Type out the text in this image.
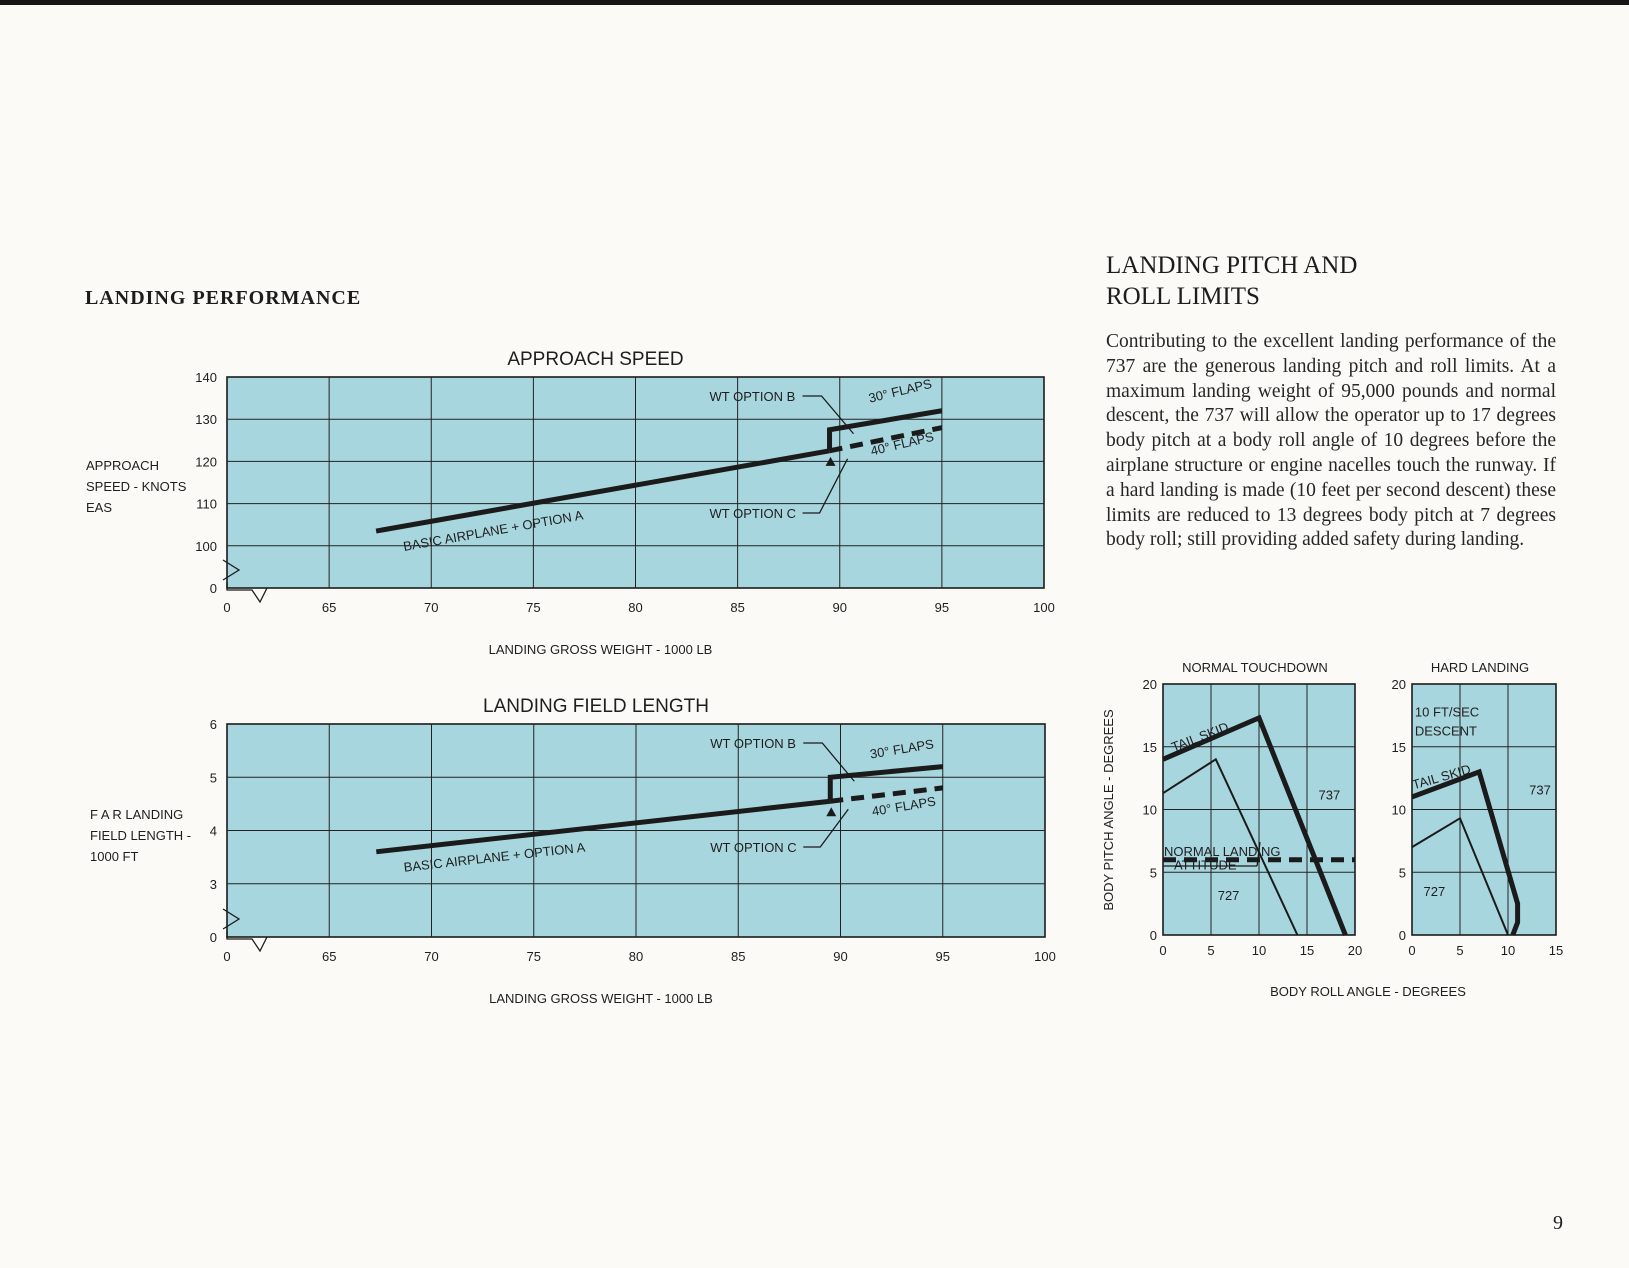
LANDING PERFORMANCE
APPROACH SPEED
0
100
110
120
130
140
0	65	70	75	80	85	90	95	100
LANDING GROSS WEIGHT - 1000 LB
APPROACH
SPEED - KNOTS
EAS	BASIC AIRPLANE + OPTION A
30° FLAPS
40° FLAPS
WT OPTION B
WT OPTION C
LANDING FIELD LENGTH
0
3
4
5
6
0	65	70	75	80	85	90	95	100
LANDING GROSS WEIGHT - 1000 LB
F A R LANDING
FIELD LENGTH -
1000 FT	BASIC AIRPLANE + OPTION A
30° FLAPS
40° FLAPS
WT OPTION B
WT OPTION C
NORMAL TOUCHDOWN
0
5
10
15
20
0	5	10	15	20
TAIL SKID
737
727
NORMAL LANDING
ATTITUDE
BODY PITCH ANGLE - DEGREES
BODY ROLL ANGLE - DEGREES
HARD LANDING
0
5
10
15
20
0	5	10	15
10 FT/SEC
DESCENT
TAIL SKID	737
727
LANDING PITCH AND
ROLL LIMITS

Contributing to the excellent landing performance of the 737 are the generous landing pitch and roll limits. At a maximum landing weight of 95,000 pounds and normal descent, the 737 will allow the operator up to 17 degrees body pitch at a body roll angle of 10 degrees before the airplane structure or engine nacelles touch the runway. If a hard landing is made (10 feet per second descent) these limits are reduced to 13 degrees body pitch at 7 degrees body roll; still providing added safety during landing.

9
